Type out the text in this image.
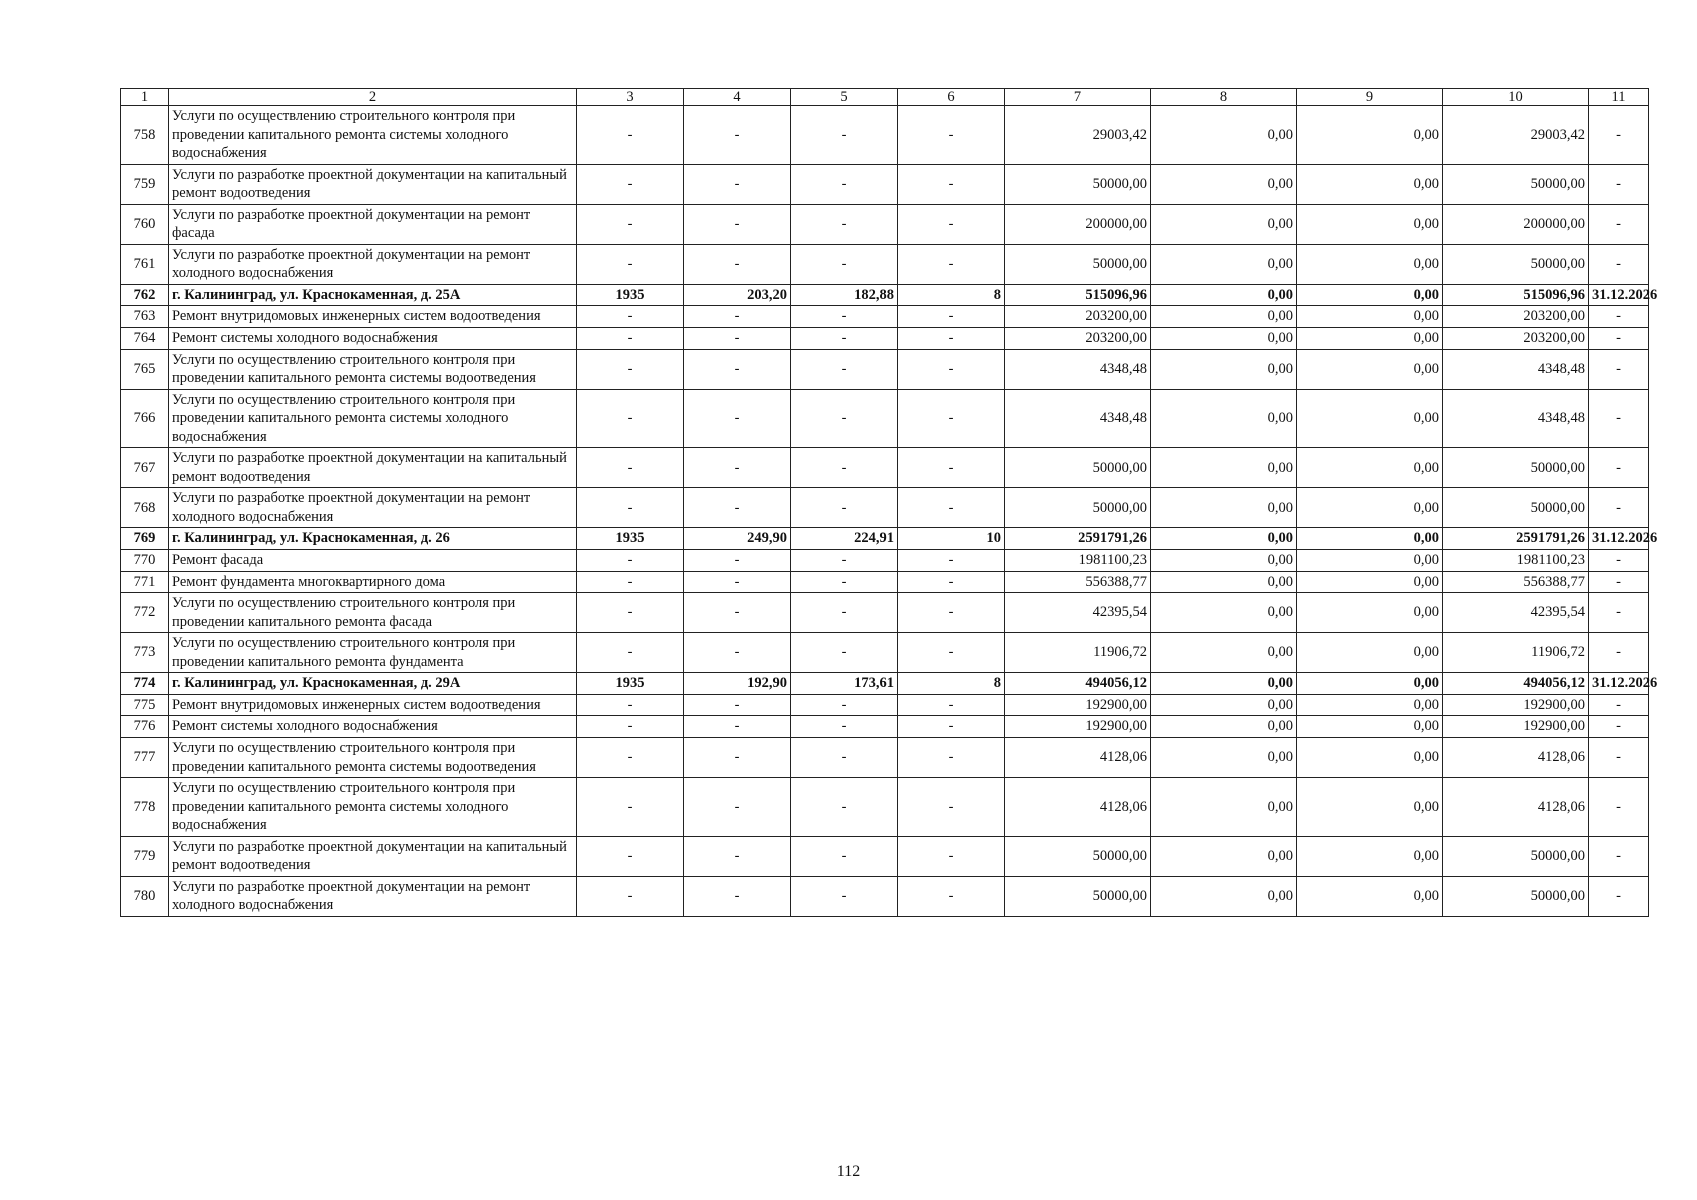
1	2	3	4	5	6	7	8	9	10	11
758	Услуги по осуществлению строительного контроля при проведении капитального ремонта системы холодного водоснабжения	-	-	-	-	29003,42	0,00	0,00	29003,42	-
759	Услуги по разработке проектной документации на капитальный ремонт водоотведения	-	-	-	-	50000,00	0,00	0,00	50000,00	-
760	Услуги по разработке проектной документации на ремонт фасада	-	-	-	-	200000,00	0,00	0,00	200000,00	-
761	Услуги по разработке проектной документации на ремонт холодного водоснабжения	-	-	-	-	50000,00	0,00	0,00	50000,00	-
762	г. Калининград, ул. Краснокаменная, д. 25А	1935	203,20	182,88	8	515096,96	0,00	0,00	515096,96	31.12.2026
763	Ремонт внутридомовых инженерных систем водоотведения	-	-	-	-	203200,00	0,00	0,00	203200,00	-
764	Ремонт системы холодного водоснабжения	-	-	-	-	203200,00	0,00	0,00	203200,00	-
765	Услуги по осуществлению строительного контроля при проведении капитального ремонта системы водоотведения	-	-	-	-	4348,48	0,00	0,00	4348,48	-
766	Услуги по осуществлению строительного контроля при проведении капитального ремонта системы холодного водоснабжения	-	-	-	-	4348,48	0,00	0,00	4348,48	-
767	Услуги по разработке проектной документации на капитальный ремонт водоотведения	-	-	-	-	50000,00	0,00	0,00	50000,00	-
768	Услуги по разработке проектной документации на ремонт холодного водоснабжения	-	-	-	-	50000,00	0,00	0,00	50000,00	-
769	г. Калининград, ул. Краснокаменная, д. 26	1935	249,90	224,91	10	2591791,26	0,00	0,00	2591791,26	31.12.2026
770	Ремонт фасада	-	-	-	-	1981100,23	0,00	0,00	1981100,23	-
771	Ремонт фундамента многоквартирного дома	-	-	-	-	556388,77	0,00	0,00	556388,77	-
772	Услуги по осуществлению строительного контроля при проведении капитального ремонта фасада	-	-	-	-	42395,54	0,00	0,00	42395,54	-
773	Услуги по осуществлению строительного контроля при проведении капитального ремонта фундамента	-	-	-	-	11906,72	0,00	0,00	11906,72	-
774	г. Калининград, ул. Краснокаменная, д. 29А	1935	192,90	173,61	8	494056,12	0,00	0,00	494056,12	31.12.2026
775	Ремонт внутридомовых инженерных систем водоотведения	-	-	-	-	192900,00	0,00	0,00	192900,00	-
776	Ремонт системы холодного водоснабжения	-	-	-	-	192900,00	0,00	0,00	192900,00	-
777	Услуги по осуществлению строительного контроля при проведении капитального ремонта системы водоотведения	-	-	-	-	4128,06	0,00	0,00	4128,06	-
778	Услуги по осуществлению строительного контроля при проведении капитального ремонта системы холодного водоснабжения	-	-	-	-	4128,06	0,00	0,00	4128,06	-
779	Услуги по разработке проектной документации на капитальный ремонт водоотведения	-	-	-	-	50000,00	0,00	0,00	50000,00	-
780	Услуги по разработке проектной документации на ремонт холодного водоснабжения	-	-	-	-	50000,00	0,00	0,00	50000,00	-
112
